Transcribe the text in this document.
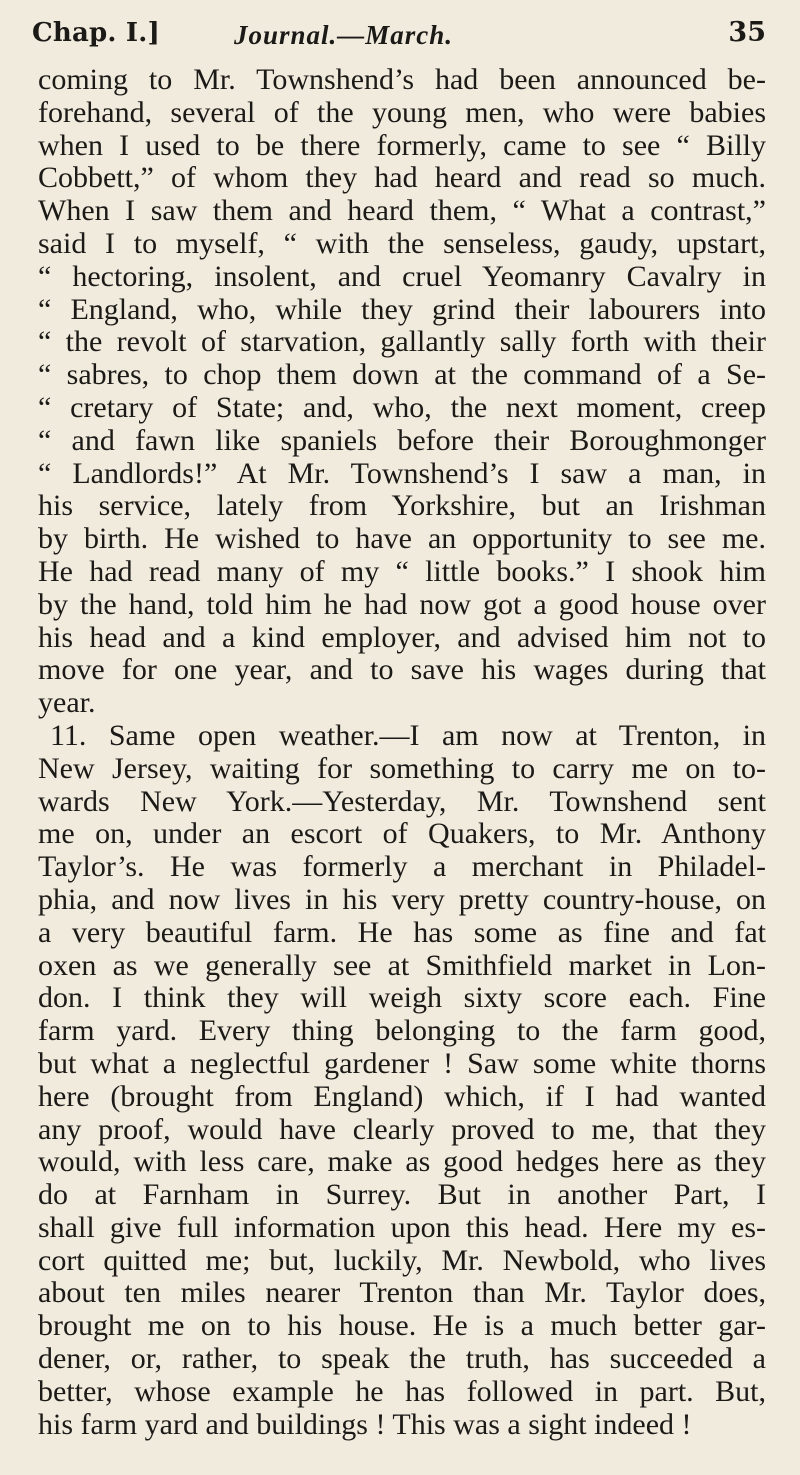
Chap. I.]	Journal.—March.	35
coming to Mr. Townshend’s had been announced be-
forehand, several of the young men, who were babies
when I used to be there formerly, came to see “ Billy
Cobbett,” of whom they had heard and read so much.
When I saw them and heard them, “ What a contrast,”
said I to myself, “ with the senseless, gaudy, upstart,
“ hectoring, insolent, and cruel Yeomanry Cavalry in
“ England, who, while they grind their labourers into
“ the revolt of starvation, gallantly sally forth with their
“ sabres, to chop them down at the command of a Se-
“ cretary of State; and, who, the next moment, creep
“ and fawn like spaniels before their Boroughmonger
“ Landlords!” At Mr. Townshend’s I saw a man, in
his service, lately from Yorkshire, but an Irishman
by birth. He wished to have an opportunity to see me.
He had read many of my “ little books.” I shook him
by the hand, told him he had now got a good house over
his head and a kind employer, and advised him not to
move for one year, and to save his wages during that
year.
11. Same open weather.—I am now at Trenton, in
New Jersey, waiting for something to carry me on to-
wards New York.—Yesterday, Mr. Townshend sent
me on, under an escort of Quakers, to Mr. Anthony
Taylor’s. He was formerly a merchant in Philadel-
phia, and now lives in his very pretty country-house, on
a very beautiful farm. He has some as fine and fat
oxen as we generally see at Smithfield market in Lon-
don. I think they will weigh sixty score each. Fine
farm yard. Every thing belonging to the farm good,
but what a neglectful gardener ! Saw some white thorns
here (brought from England) which, if I had wanted
any proof, would have clearly proved to me, that they
would, with less care, make as good hedges here as they
do at Farnham in Surrey. But in another Part, I
shall give full information upon this head. Here my es-
cort quitted me; but, luckily, Mr. Newbold, who lives
about ten miles nearer Trenton than Mr. Taylor does,
brought me on to his house. He is a much better gar-
dener, or, rather, to speak the truth, has succeeded a
better, whose example he has followed in part. But,
his farm yard and buildings ! This was a sight indeed !
